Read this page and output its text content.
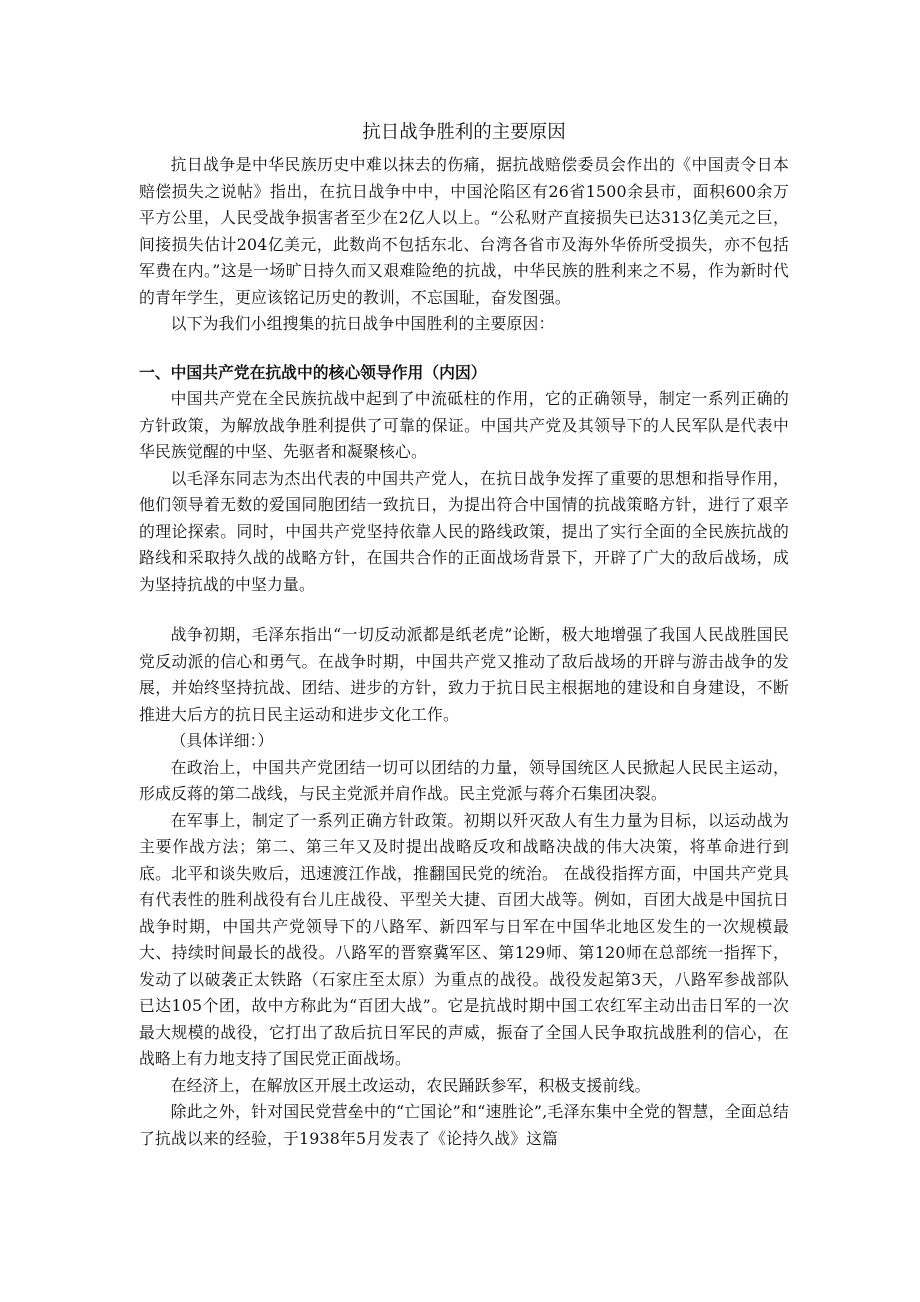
抗日战争胜利的主要原因

抗日战争是中华民族历史中难以抹去的伤痛，据抗战赔偿委员会作出的《中国责令日本赔偿损失之说帖》指出，在抗日战争中中，中国沦陷区有26省1500余县市，面积600余万平方公里，人民受战争损害者至少在2亿人以上。“公私财产直接损失已达313亿美元之巨，间接损失估计204亿美元，此数尚不包括东北、台湾各省市及海外华侨所受损失，亦不包括军费在内。”这是一场旷日持久而又艰难险绝的抗战，中华民族的胜利来之不易，作为新时代的青年学生，更应该铭记历史的教训，不忘国耻，奋发图强。

以下为我们小组搜集的抗日战争中国胜利的主要原因：

一、中国共产党在抗战中的核心领导作用（内因）

中国共产党在全民族抗战中起到了中流砥柱的作用，它的正确领导，制定一系列正确的方针政策，为解放战争胜利提供了可靠的保证。中国共产党及其领导下的人民军队是代表中华民族觉醒的中坚、先驱者和凝聚核心。

以毛泽东同志为杰出代表的中国共产党人，在抗日战争发挥了重要的思想和指导作用，他们领导着无数的爱国同胞团结一致抗日，为提出符合中国情的抗战策略方针，进行了艰辛的理论探索。同时，中国共产党坚持依靠人民的路线政策，提出了实行全面的全民族抗战的路线和采取持久战的战略方针，在国共合作的正面战场背景下，开辟了广大的敌后战场，成为坚持抗战的中坚力量。

战争初期，毛泽东指出“一切反动派都是纸老虎”论断，极大地增强了我国人民战胜国民党反动派的信心和勇气。在战争时期，中国共产党又推动了敌后战场的开辟与游击战争的发展，并始终坚持抗战、团结、进步的方针，致力于抗日民主根据地的建设和自身建设，不断推进大后方的抗日民主运动和进步文化工作。

（具体详细：）

在政治上，中国共产党团结一切可以团结的力量，领导国统区人民掀起人民民主运动，形成反蒋的第二战线，与民主党派并肩作战。民主党派与蒋介石集团决裂。

在军事上，制定了一系列正确方针政策。初期以歼灭敌人有生力量为目标，以运动战为主要作战方法；第二、第三年又及时提出战略反攻和战略决战的伟大决策，将革命进行到底。北平和谈失败后，迅速渡江作战，推翻国民党的统治。 在战役指挥方面，中国共产党具有代表性的胜利战役有台儿庄战役、平型关大捷、百团大战等。例如，百团大战是中国抗日战争时期，中国共产党领导下的八路军、新四军与日军在中国华北地区发生的一次规模最大、持续时间最长的战役。八路军的晋察冀军区、第129师、第120师在总部统一指挥下，发动了以破袭正太铁路（石家庄至太原）为重点的战役。战役发起第3天，八路军参战部队已达105个团，故中方称此为“百团大战”。它是抗战时期中国工农红军主动出击日军的一次最大规模的战役，它打出了敌后抗日军民的声威，振奋了全国人民争取抗战胜利的信心，在战略上有力地支持了国民党正面战场。

在经济上，在解放区开展土改运动，农民踊跃参军，积极支援前线。

除此之外，针对国民党营垒中的“亡国论”和“速胜论”,毛泽东集中全党的智慧，全面总结了抗战以来的经验，于1938年5月发表了《论持久战》这篇
